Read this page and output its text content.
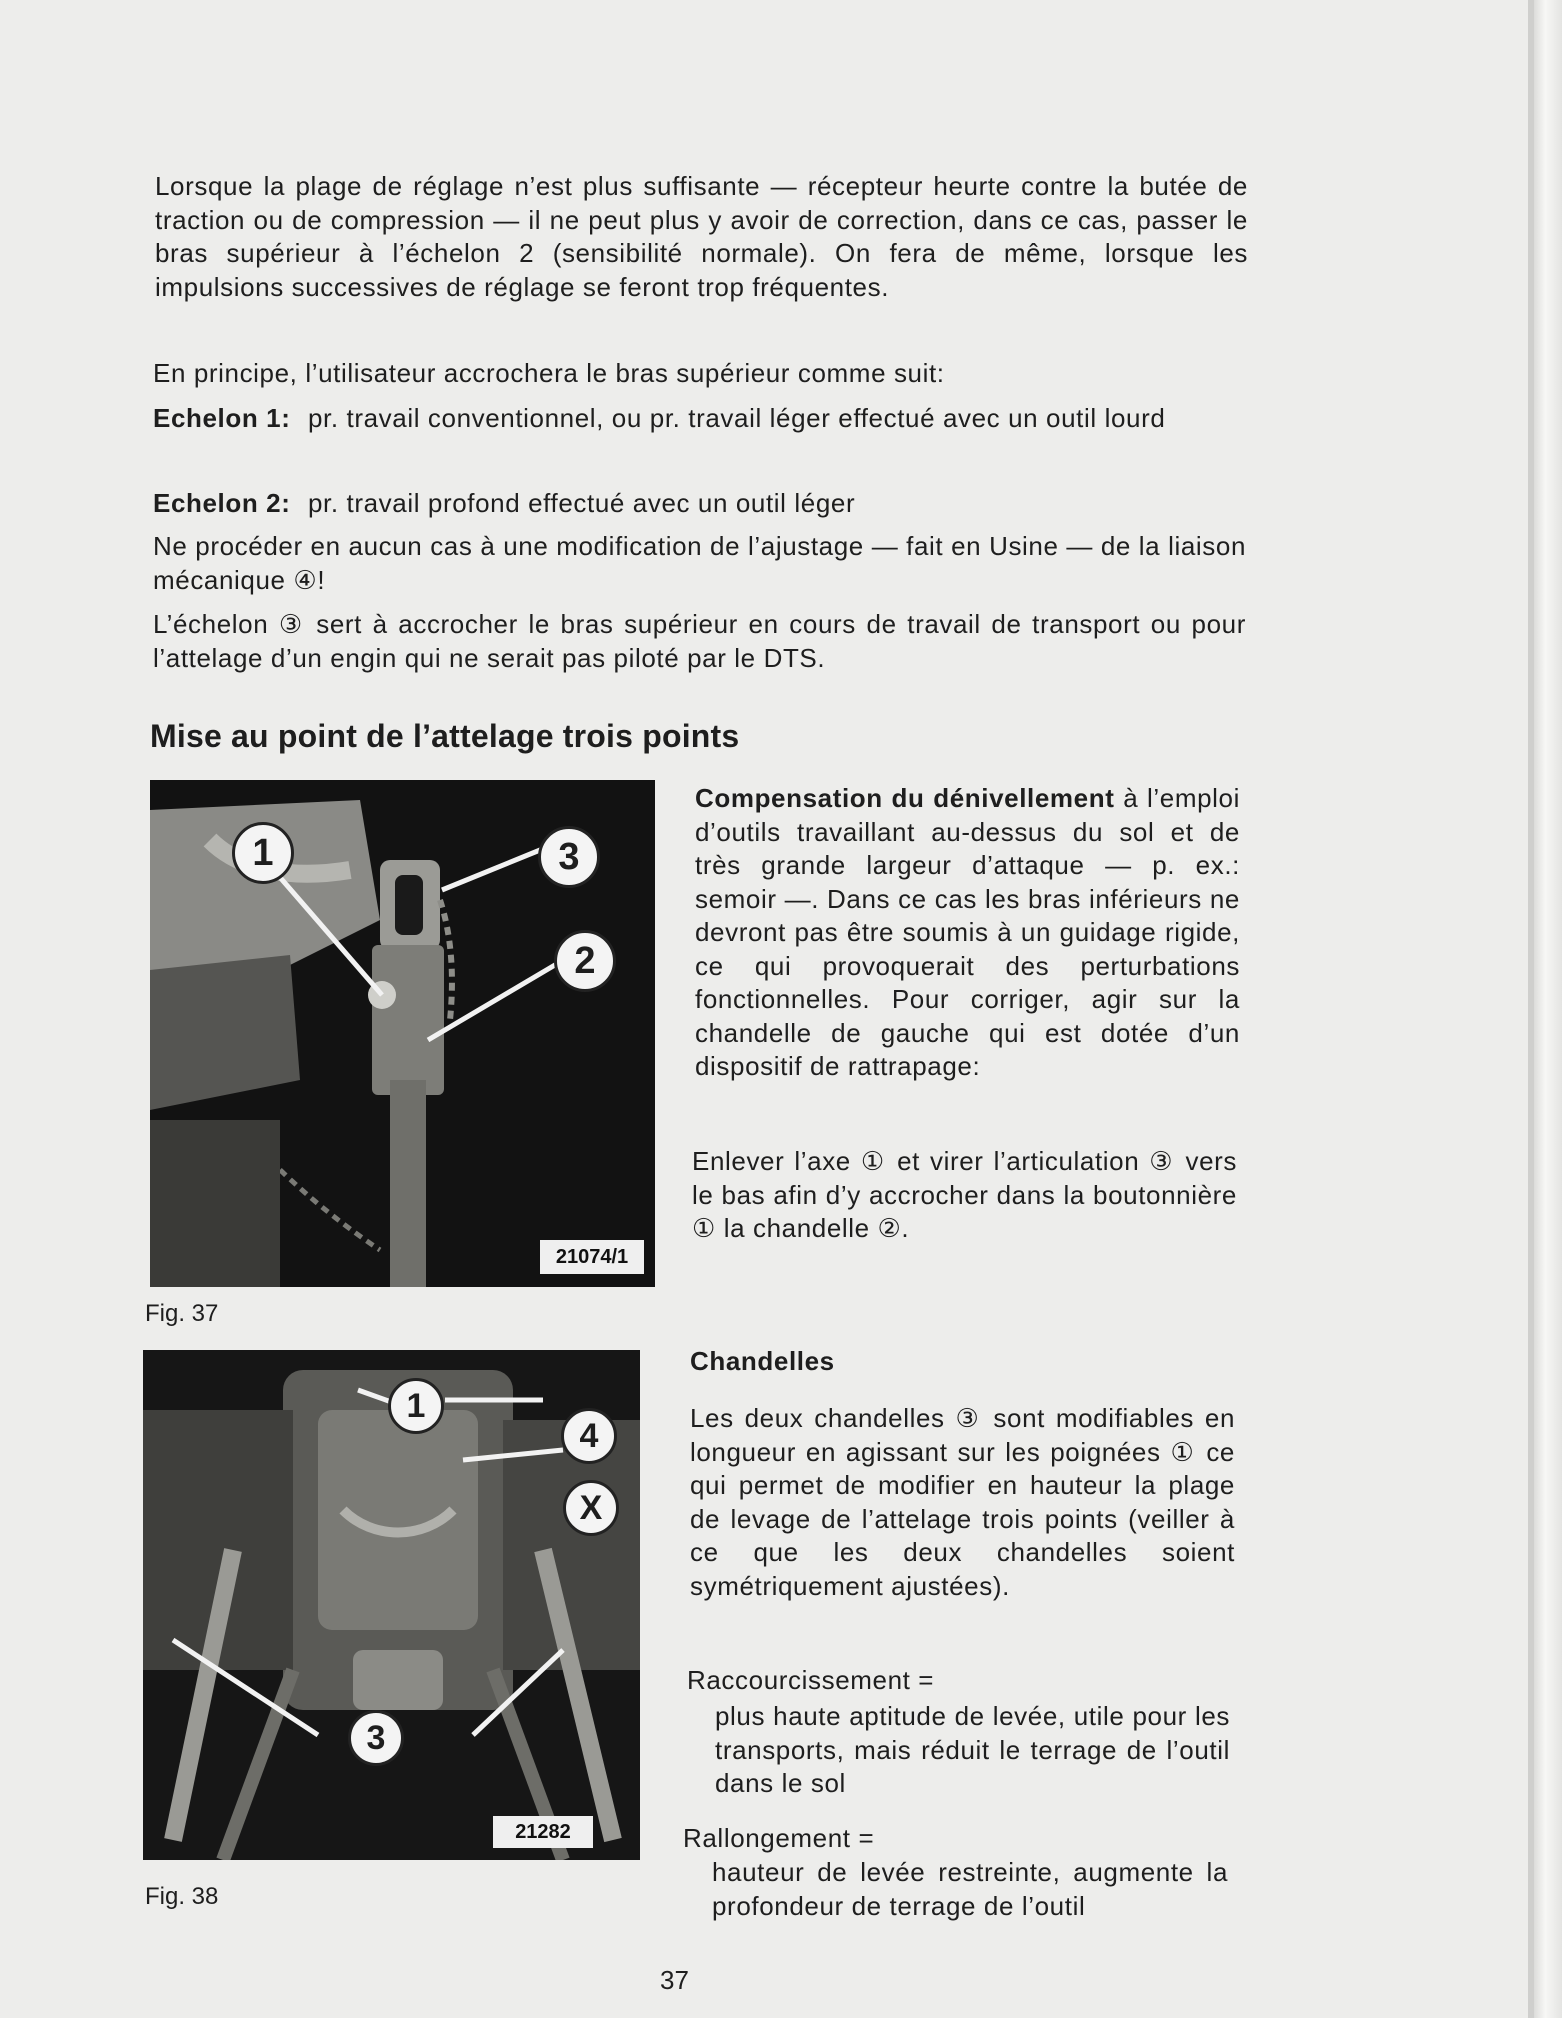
Lorsque la plage de réglage n’est plus suffisante — récepteur heurte contre la butée de traction ou de compression — il ne peut plus y avoir de correction, dans ce cas, passer le bras supérieur à l’échelon 2 (sensibilité normale). On fera de même, lorsque les impulsions successives de réglage se feront trop fréquentes.

En principe, l’utilisateur accrochera le bras supérieur comme suit:

Echelon 1: pr. travail conventionnel, ou pr. travail léger effectué avec un outil lourd

Echelon 2: pr. travail profond effectué avec un outil léger

Ne procéder en aucun cas à une modification de l’ajustage — fait en Usine — de la liaison mécanique ④!

L’échelon ③ sert à accrocher le bras supérieur en cours de travail de transport ou pour l’attelage d’un engin qui ne serait pas piloté par le DTS.

Mise au point de l’attelage trois points
1	3
2
21074/1

Fig. 37

Compensation du dénivellement à l’emploi d’outils travaillant au-dessus du sol et de très grande largeur d’attaque — p. ex.: semoir —. Dans ce cas les bras inférieurs ne devront pas être soumis à un guidage rigide, ce qui provoquerait des perturbations fonctionnelles. Pour corriger, agir sur la chandelle de gauche qui est dotée d’un dispositif de rattrapage:

Enlever l’axe ① et virer l’articulation ③ vers le bas afin d’y accrocher dans la boutonnière ① la chandelle ②.

1
4
X
3
21282

Fig. 38

Chandelles

Les deux chandelles ③ sont modifiables en longueur en agissant sur les poignées ① ce qui permet de modifier en hauteur la plage de levage de l’attelage trois points (veiller à ce que les deux chandelles soient symétriquement ajustées).

Raccourcissement =

plus haute aptitude de levée, utile pour les transports, mais réduit le terrage de l’outil dans le sol

Rallongement =

hauteur de levée restreinte, augmente la profondeur de terrage de l’outil

37
